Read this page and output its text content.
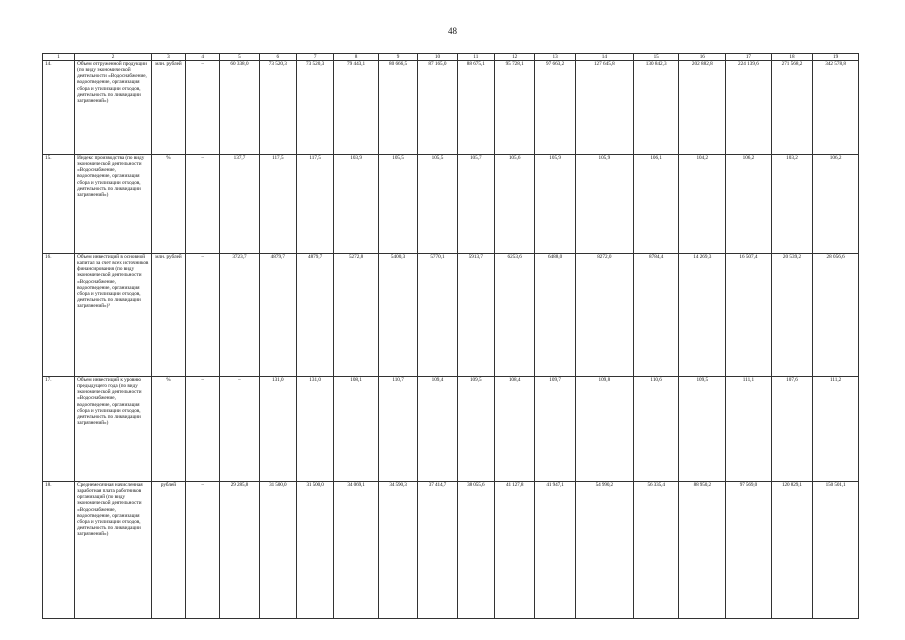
48
1	2	3	4	5	6	7	8	9	10	11	12	13	14	15	16	17	18	19
14.	Объем отгруженной продукции (по виду экономической деятельности «Водоснабжение, водоотведение, организация сбора и утилизации отходов, деятельность по ликвидации загрязнений»)	млн. рублей	–	60 338,0	73 520,3	73 520,3	79 443,1	80 666,5	87 165,0	88 675,1	95 728,1	97 663,2	127 645,8	130 842,3	202 882,8	224 139,6	271 568,2	342 578,8
15.	Индекс производства (по виду экономической деятельности «Водоснабжение, водоотведение, организация сбора и утилизации отходов, деятельность по ликвидации загрязнений»)	%	–	137,7	117,5	117,5	103,9	105,5	105,5	105,7	105,6	105,9	105,9	106,1	104,2	106,2	103,2	106,2
16.	Объем инвестиций в основной капитал за счет всех источников финансирования (по виду экономической деятельности «Водоснабжение, водоотведение, организация сбора и утилизации отходов, деятельность по ликвидации загрязнений»)³	млн. рублей	–	3723,7	4879,7	4879,7	5272,8	5400,3	5770,1	5913,7	6253,6	6488,0	8272,0	8784,4	14 269,3	16 507,4	20 539,2	28 056,6
17.	Объем инвестиций к уровню предыдущего года (по виду экономической деятельности «Водоснабжение, водоотведение, организация сбора и утилизации отходов, деятельность по ликвидации загрязнений»)	%	–	–	131,0	131,0	108,1	110,7	109,4	109,5	108,4	109,7	109,8	110,6	109,5	111,1	107,6	111,2
18.	Среднемесячная начисленная заработная плата работников организаций (по виду экономической деятельности «Водоснабжение, водоотведение, организация сбора и утилизации отходов, деятельность по ликвидации загрязнений»)	рублей	–	29 285,8	31 500,0	31 500,0	34 069,1	34 590,3	37 414,7	38 055,6	41 127,8	41 947,1	54 990,2	56 335,4	88 950,2	97 569,0	120 829,1	150 501,1
